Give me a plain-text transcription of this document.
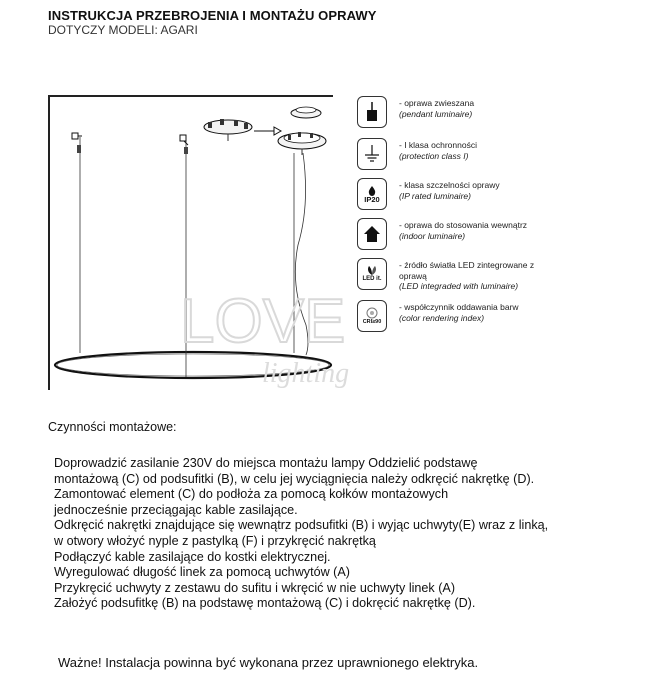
INSTRUKCJA PRZEBROJENIA I MONTAŻU OPRAWY
DOTYCZY MODELI: AGARI
LOVE
lighting
- oprawa zwieszana
(pendant luminaire)
- I klasa ochronności
(protection class I)
IP20
- klasa szczelności oprawy
(IP rated luminaire)
- oprawa do stosowania wewnątrz
(indoor luminaire)
LED it.
- źródło światła LED zintegrowane z oprawą
(LED integraded with luminaire)
CRI≥90
- współczynnik oddawania barw
(color rendering index)
Czynności montażowe:
Doprowadzić zasilanie 230V do miejsca montażu lampy Oddzielić podstawę
montażową (C) od podsufitki (B), w celu jej wyciągnięcia należy odkręcić nakrętkę (D).
Zamontować element (C) do podłoża za pomocą kołków montażowych
jednocześnie przeciągając kable zasilające.
Odkręcić nakrętki znajdujące się wewnątrz podsufitki (B) i wyjąc uchwyty(E) wraz z linką,
w otwory włożyć nyple z pastylką (F) i przykręcić nakrętką
Podłączyć kable zasilające do kostki elektrycznej.
Wyregulować długość linek za pomocą uchwytów (A)
Przykręcić uchwyty z zestawu do sufitu i wkręcić w nie uchwyty linek (A)
Założyć podsufitkę (B) na podstawę montażową (C) i dokręcić nakrętkę (D).
Ważne! Instalacja powinna być wykonana przez uprawnionego elektryka.
